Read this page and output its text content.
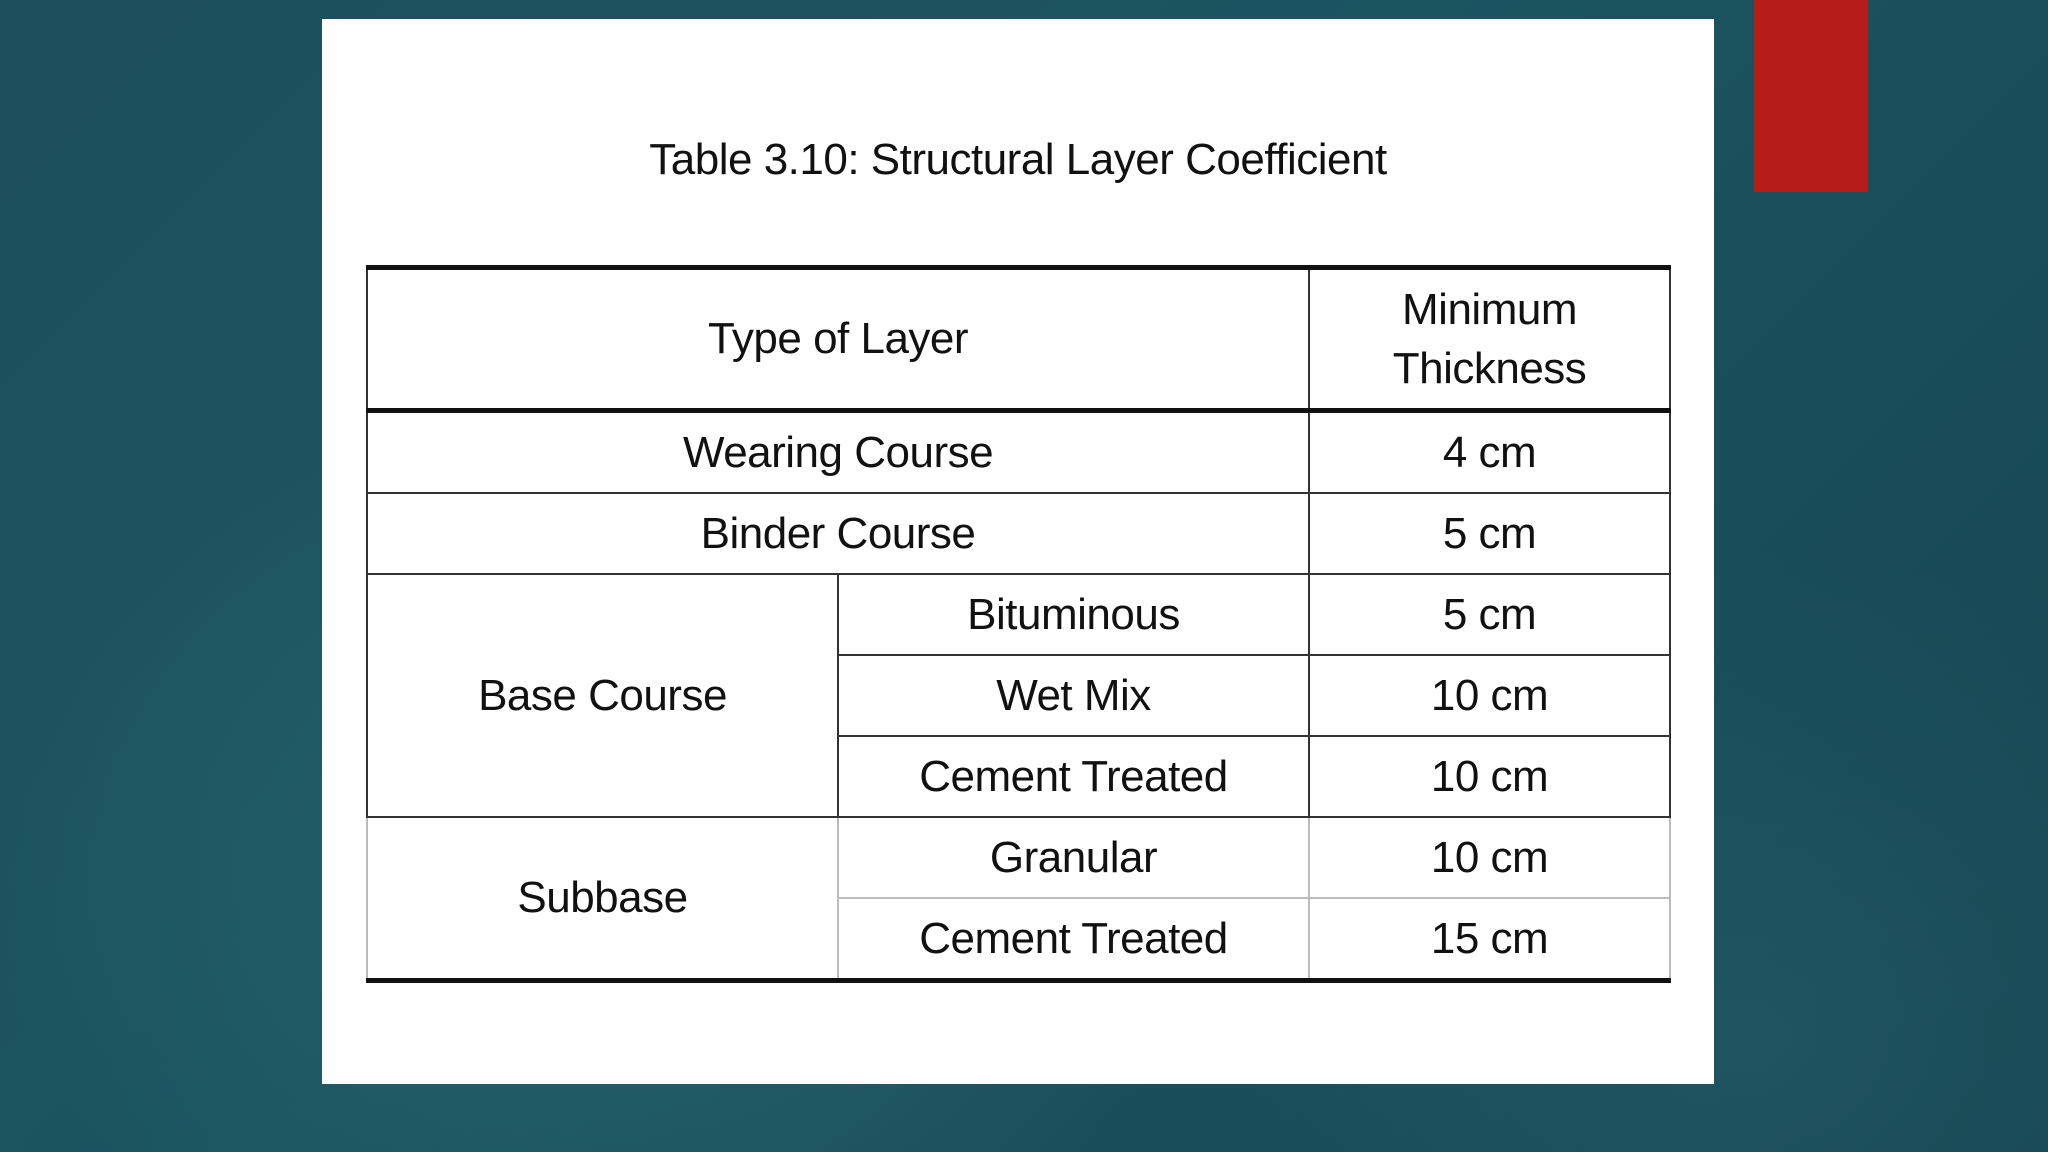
Table 3.10: Structural Layer Coefficient
Type of Layer		Minimum Thickness
Wearing Course		4 cm
Binder Course		5 cm
Base Course	Bituminous	5 cm
	Wet Mix	10 cm
	Cement Treated	10 cm
Subbase	Granular	10 cm
	Cement Treated	15 cm
